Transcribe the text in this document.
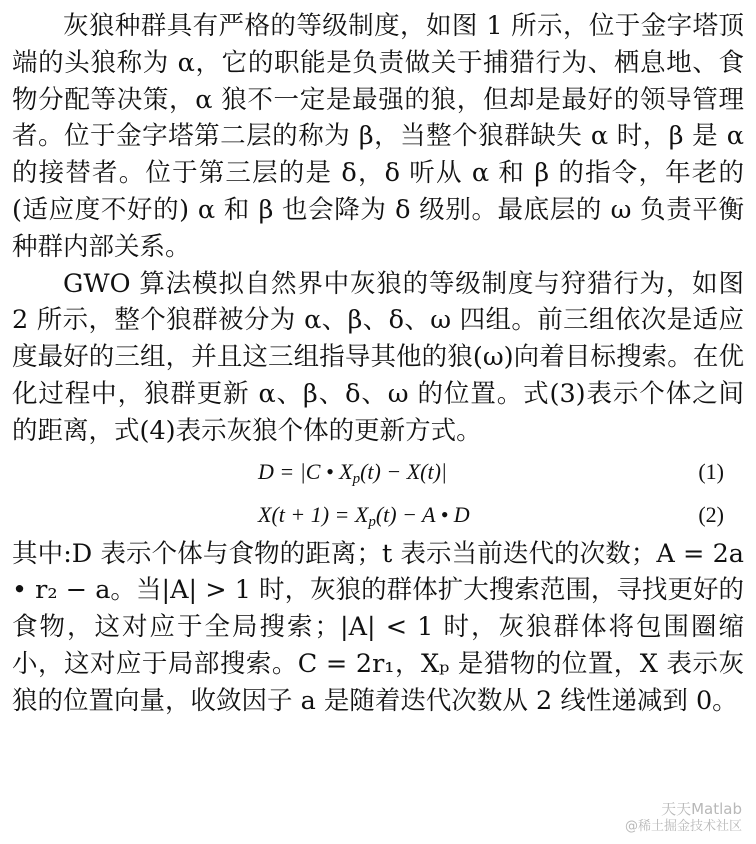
灰狼种群具有严格的等级制度，如图 1 所示，位于金字塔顶端的头狼称为 α，它的职能是负责做关于捕猎行为、栖息地、食物分配等决策，α 狼不一定是最强的狼，但却是最好的领导管理者。位于金字塔第二层的称为 β，当整个狼群缺失 α 时，β 是 α 的接替者。位于第三层的是 δ，δ 听从 α 和 β 的指令，年老的(适应度不好的) α 和 β 也会降为 δ 级别。最底层的 ω 负责平衡种群内部关系。

GWO 算法模拟自然界中灰狼的等级制度与狩猎行为，如图 2 所示，整个狼群被分为 α、β、δ、ω 四组。前三组依次是适应度最好的三组，并且这三组指导其他的狼(ω)向着目标搜索。在优化过程中，狼群更新 α、β、δ、ω 的位置。式(3)表示个体之间的距离，式(4)表示灰狼个体的更新方式。

D = |C • $X_p(t) - X(t)|$	(1)
$X(t + 1) = X_p(t) - A$ • D	(2)

其中:D 表示个体与食物的距离；t 表示当前迭代的次数；A = 2a • r₂ − a。当|A| > 1 时，灰狼的群体扩大搜索范围，寻找更好的食物，这对应于全局搜索；|A| < 1 时，灰狼群体将包围圈缩小，这对应于局部搜索。C = 2r₁，Xₚ 是猎物的位置，X 表示灰狼的位置向量，收敛因子 a 是随着迭代次数从 2 线性递减到 0。

天天Matlab
@稀土掘金技术社区
